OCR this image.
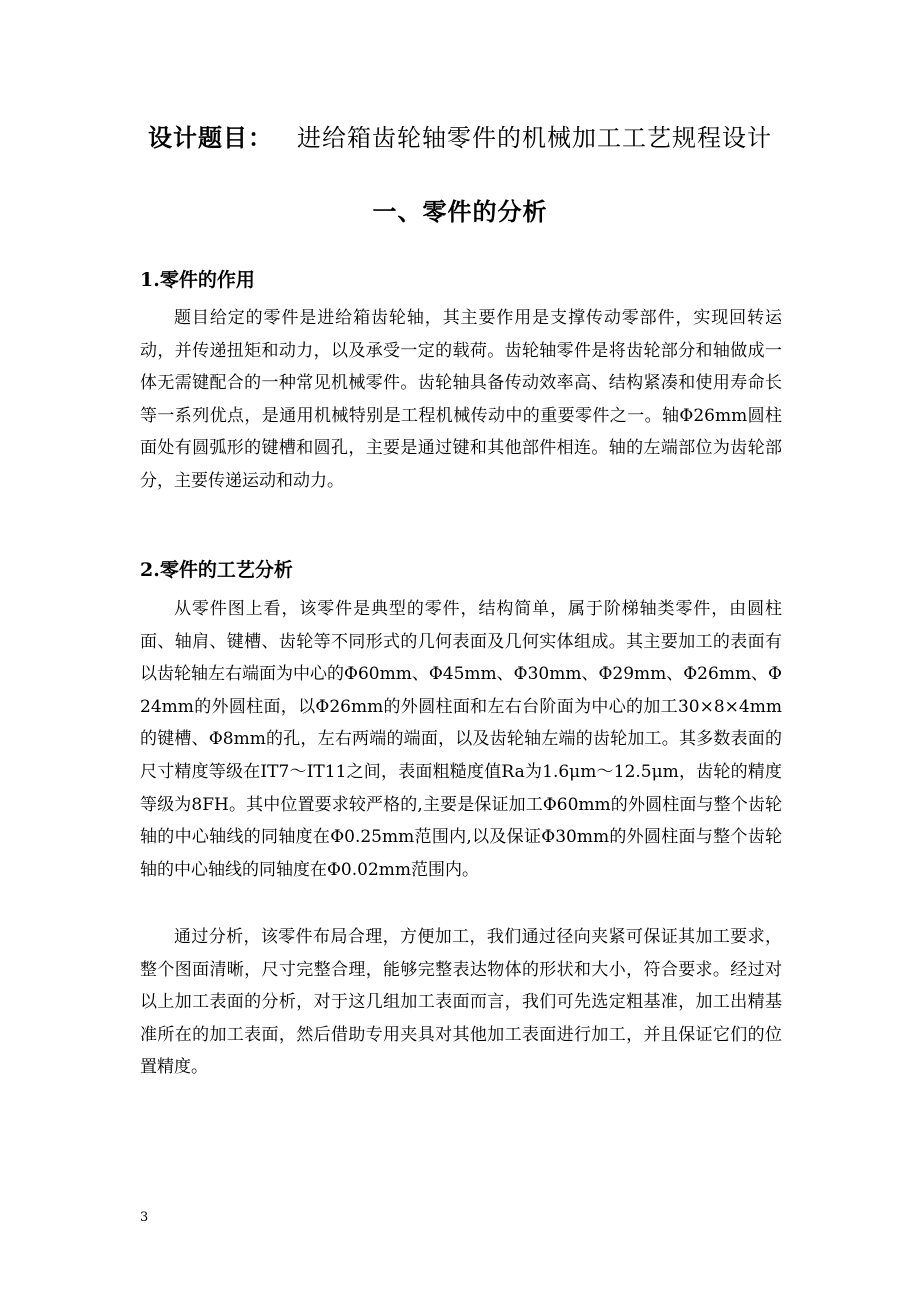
设计题目： 进给箱齿轮轴零件的机械加工工艺规程设计
一、零件的分析
1.零件的作用
题目给定的零件是进给箱齿轮轴，其主要作用是支撑传动零部件，实现回转运动，并传递扭矩和动力，以及承受一定的载荷。齿轮轴零件是将齿轮部分和轴做成一体无需键配合的一种常见机械零件。齿轮轴具备传动效率高、结构紧凑和使用寿命长等一系列优点，是通用机械特别是工程机械传动中的重要零件之一。轴Φ26mm圆柱面处有圆弧形的键槽和圆孔，主要是通过键和其他部件相连。轴的左端部位为齿轮部分，主要传递运动和动力。
2.零件的工艺分析
从零件图上看，该零件是典型的零件，结构简单，属于阶梯轴类零件，由圆柱面、轴肩、键槽、齿轮等不同形式的几何表面及几何实体组成。其主要加工的表面有以齿轮轴左右端面为中心的Φ60mm、Φ45mm、Φ30mm、Φ29mm、Φ26mm、Φ24mm的外圆柱面，以Φ26mm的外圆柱面和左右台阶面为中心的加工30×8×4mm的键槽、Φ8mm的孔，左右两端的端面，以及齿轮轴左端的齿轮加工。其多数表面的尺寸精度等级在IT7～IT11之间，表面粗糙度值Ra为1.6μm～12.5μm，齿轮的精度等级为8FH。其中位置要求较严格的,主要是保证加工Φ60mm的外圆柱面与整个齿轮轴的中心轴线的同轴度在Φ0.25mm范围内,以及保证Φ30mm的外圆柱面与整个齿轮轴的中心轴线的同轴度在Φ0.02mm范围内。
通过分析，该零件布局合理，方便加工，我们通过径向夹紧可保证其加工要求，整个图面清晰，尺寸完整合理，能够完整表达物体的形状和大小，符合要求。经过对以上加工表面的分析，对于这几组加工表面而言，我们可先选定粗基准，加工出精基准所在的加工表面，然后借助专用夹具对其他加工表面进行加工，并且保证它们的位置精度。
3
